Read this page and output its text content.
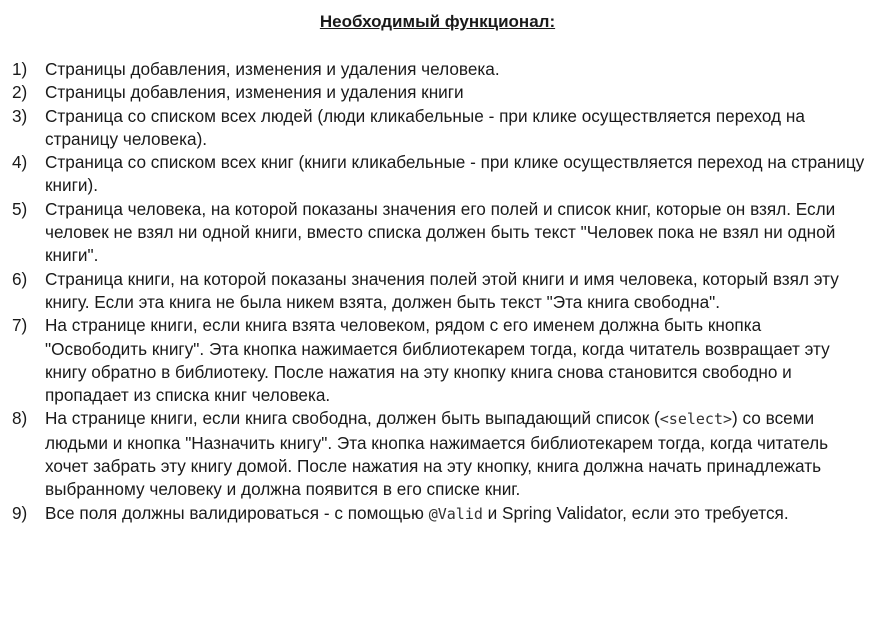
Необходимый функционал:
1) Страницы добавления, изменения и удаления человека.
2) Страницы добавления, изменения и удаления книги
3) Страница со списком всех людей (люди кликабельные - при клике осуществляется переход на страницу человека).
4) Страница со списком всех книг (книги кликабельные - при клике осуществляется переход на страницу книги).
5) Страница человека, на которой показаны значения его полей и список книг, которые он взял. Если человек не взял ни одной книги, вместо списка должен быть текст "Человек пока не взял ни одной книги".
6) Страница книги, на которой показаны значения полей этой книги и имя человека, который взял эту книгу. Если эта книга не была никем взята, должен быть текст "Эта книга свободна".
7) На странице книги, если книга взята человеком, рядом с его именем должна быть кнопка "Освободить книгу". Эта кнопка нажимается библиотекарем тогда, когда читатель возвращает эту книгу обратно в библиотеку. После нажатия на эту кнопку книга снова становится свободно и пропадает из списка книг человека.
8) На странице книги, если книга свободна, должен быть выпадающий список (<select>) со всеми людьми и кнопка "Назначить книгу". Эта кнопка нажимается библиотекарем тогда, когда читатель хочет забрать эту книгу домой. После нажатия на эту кнопку, книга должна начать принадлежать выбранному человеку и должна появится в его списке книг.
9) Все поля должны валидироваться - с помощью @Valid и Spring Validator, если это требуется.
